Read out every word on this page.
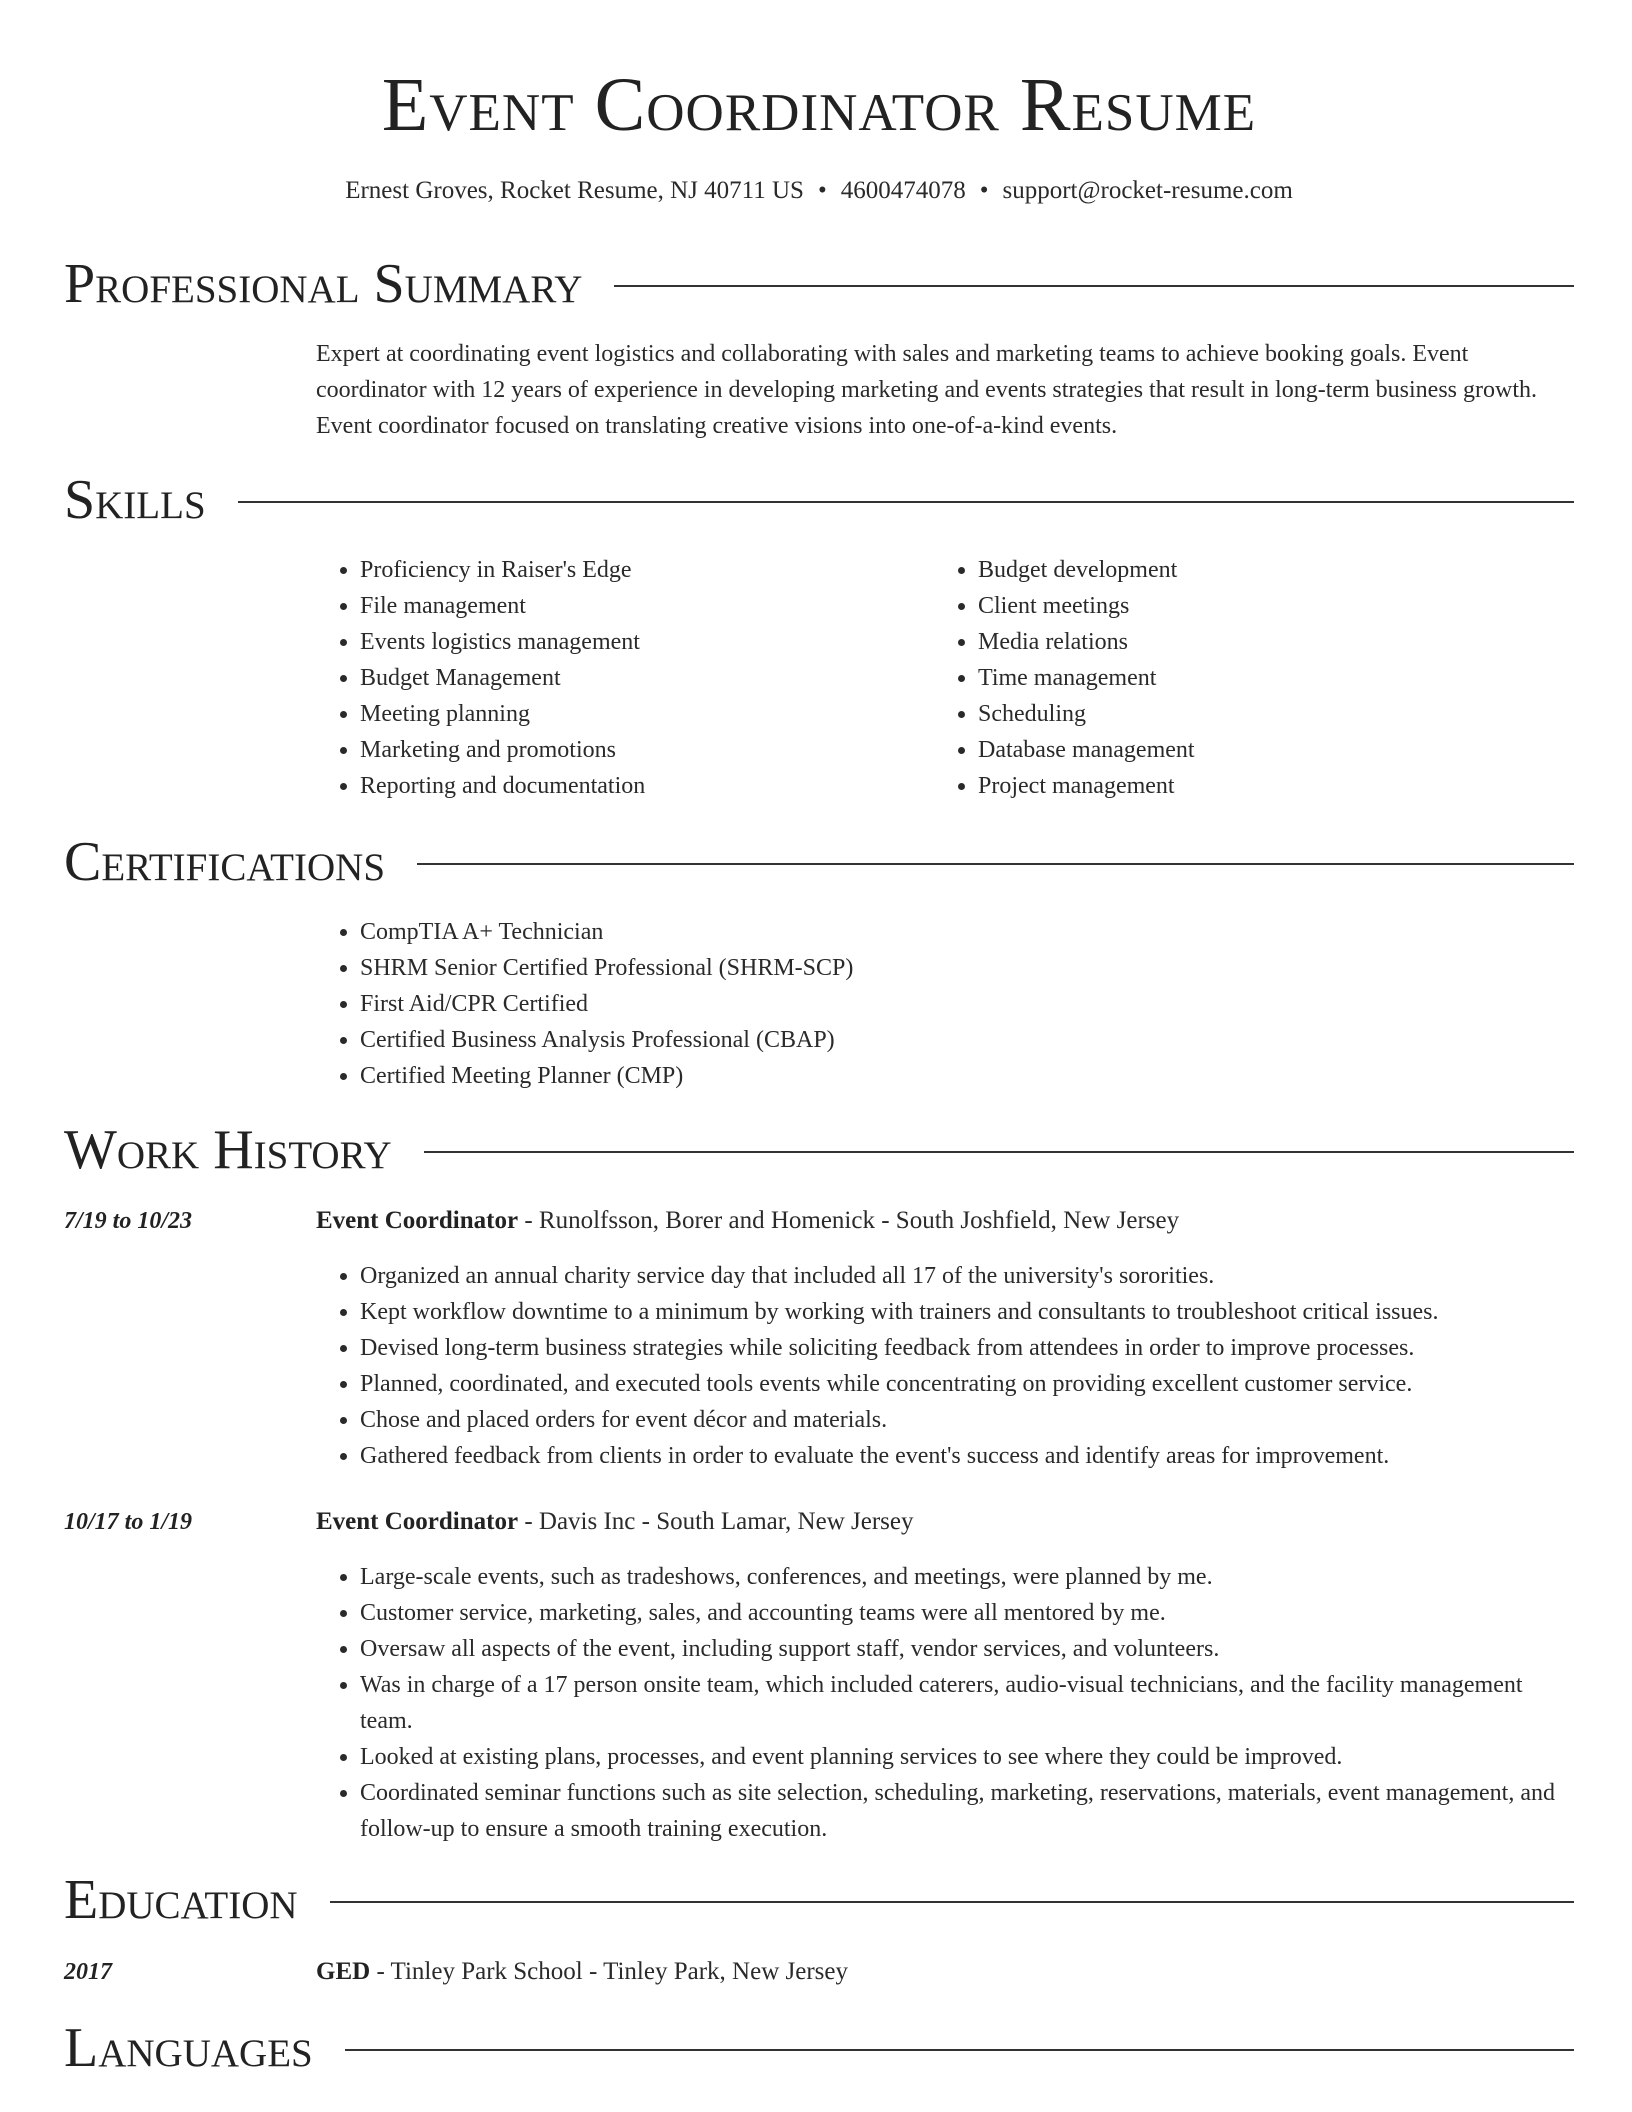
Event Coordinator Resume
Ernest Groves, Rocket Resume, NJ 40711 US • 4600474078 • support@rocket-resume.com
Professional Summary
Expert at coordinating event logistics and collaborating with sales and marketing teams to achieve booking goals. Event coordinator with 12 years of experience in developing marketing and events strategies that result in long-term business growth. Event coordinator focused on translating creative visions into one-of-a-kind events.
Skills
• Proficiency in Raiser's Edge
• File management
• Events logistics management
• Budget Management
• Meeting planning
• Marketing and promotions
• Reporting and documentation
• Budget development
• Client meetings
• Media relations
• Time management
• Scheduling
• Database management
• Project management
Certifications
• CompTIA A+ Technician
• SHRM Senior Certified Professional (SHRM-SCP)
• First Aid/CPR Certified
• Certified Business Analysis Professional (CBAP)
• Certified Meeting Planner (CMP)
Work History
7/19 to 10/23	Event Coordinator - Runolfsson, Borer and Homenick - South Joshfield, New Jersey
• Organized an annual charity service day that included all 17 of the university's sororities.
• Kept workflow downtime to a minimum by working with trainers and consultants to troubleshoot critical issues.
• Devised long-term business strategies while soliciting feedback from attendees in order to improve processes.
• Planned, coordinated, and executed tools events while concentrating on providing excellent customer service.
• Chose and placed orders for event décor and materials.
• Gathered feedback from clients in order to evaluate the event's success and identify areas for improvement.
10/17 to 1/19	Event Coordinator - Davis Inc - South Lamar, New Jersey
• Large-scale events, such as tradeshows, conferences, and meetings, were planned by me.
• Customer service, marketing, sales, and accounting teams were all mentored by me.
• Oversaw all aspects of the event, including support staff, vendor services, and volunteers.
• Was in charge of a 17 person onsite team, which included caterers, audio-visual technicians, and the facility management team.
• Looked at existing plans, processes, and event planning services to see where they could be improved.
• Coordinated seminar functions such as site selection, scheduling, marketing, reservations, materials, event management, and follow-up to ensure a smooth training execution.
Education
2017	GED - Tinley Park School - Tinley Park, New Jersey
Languages
